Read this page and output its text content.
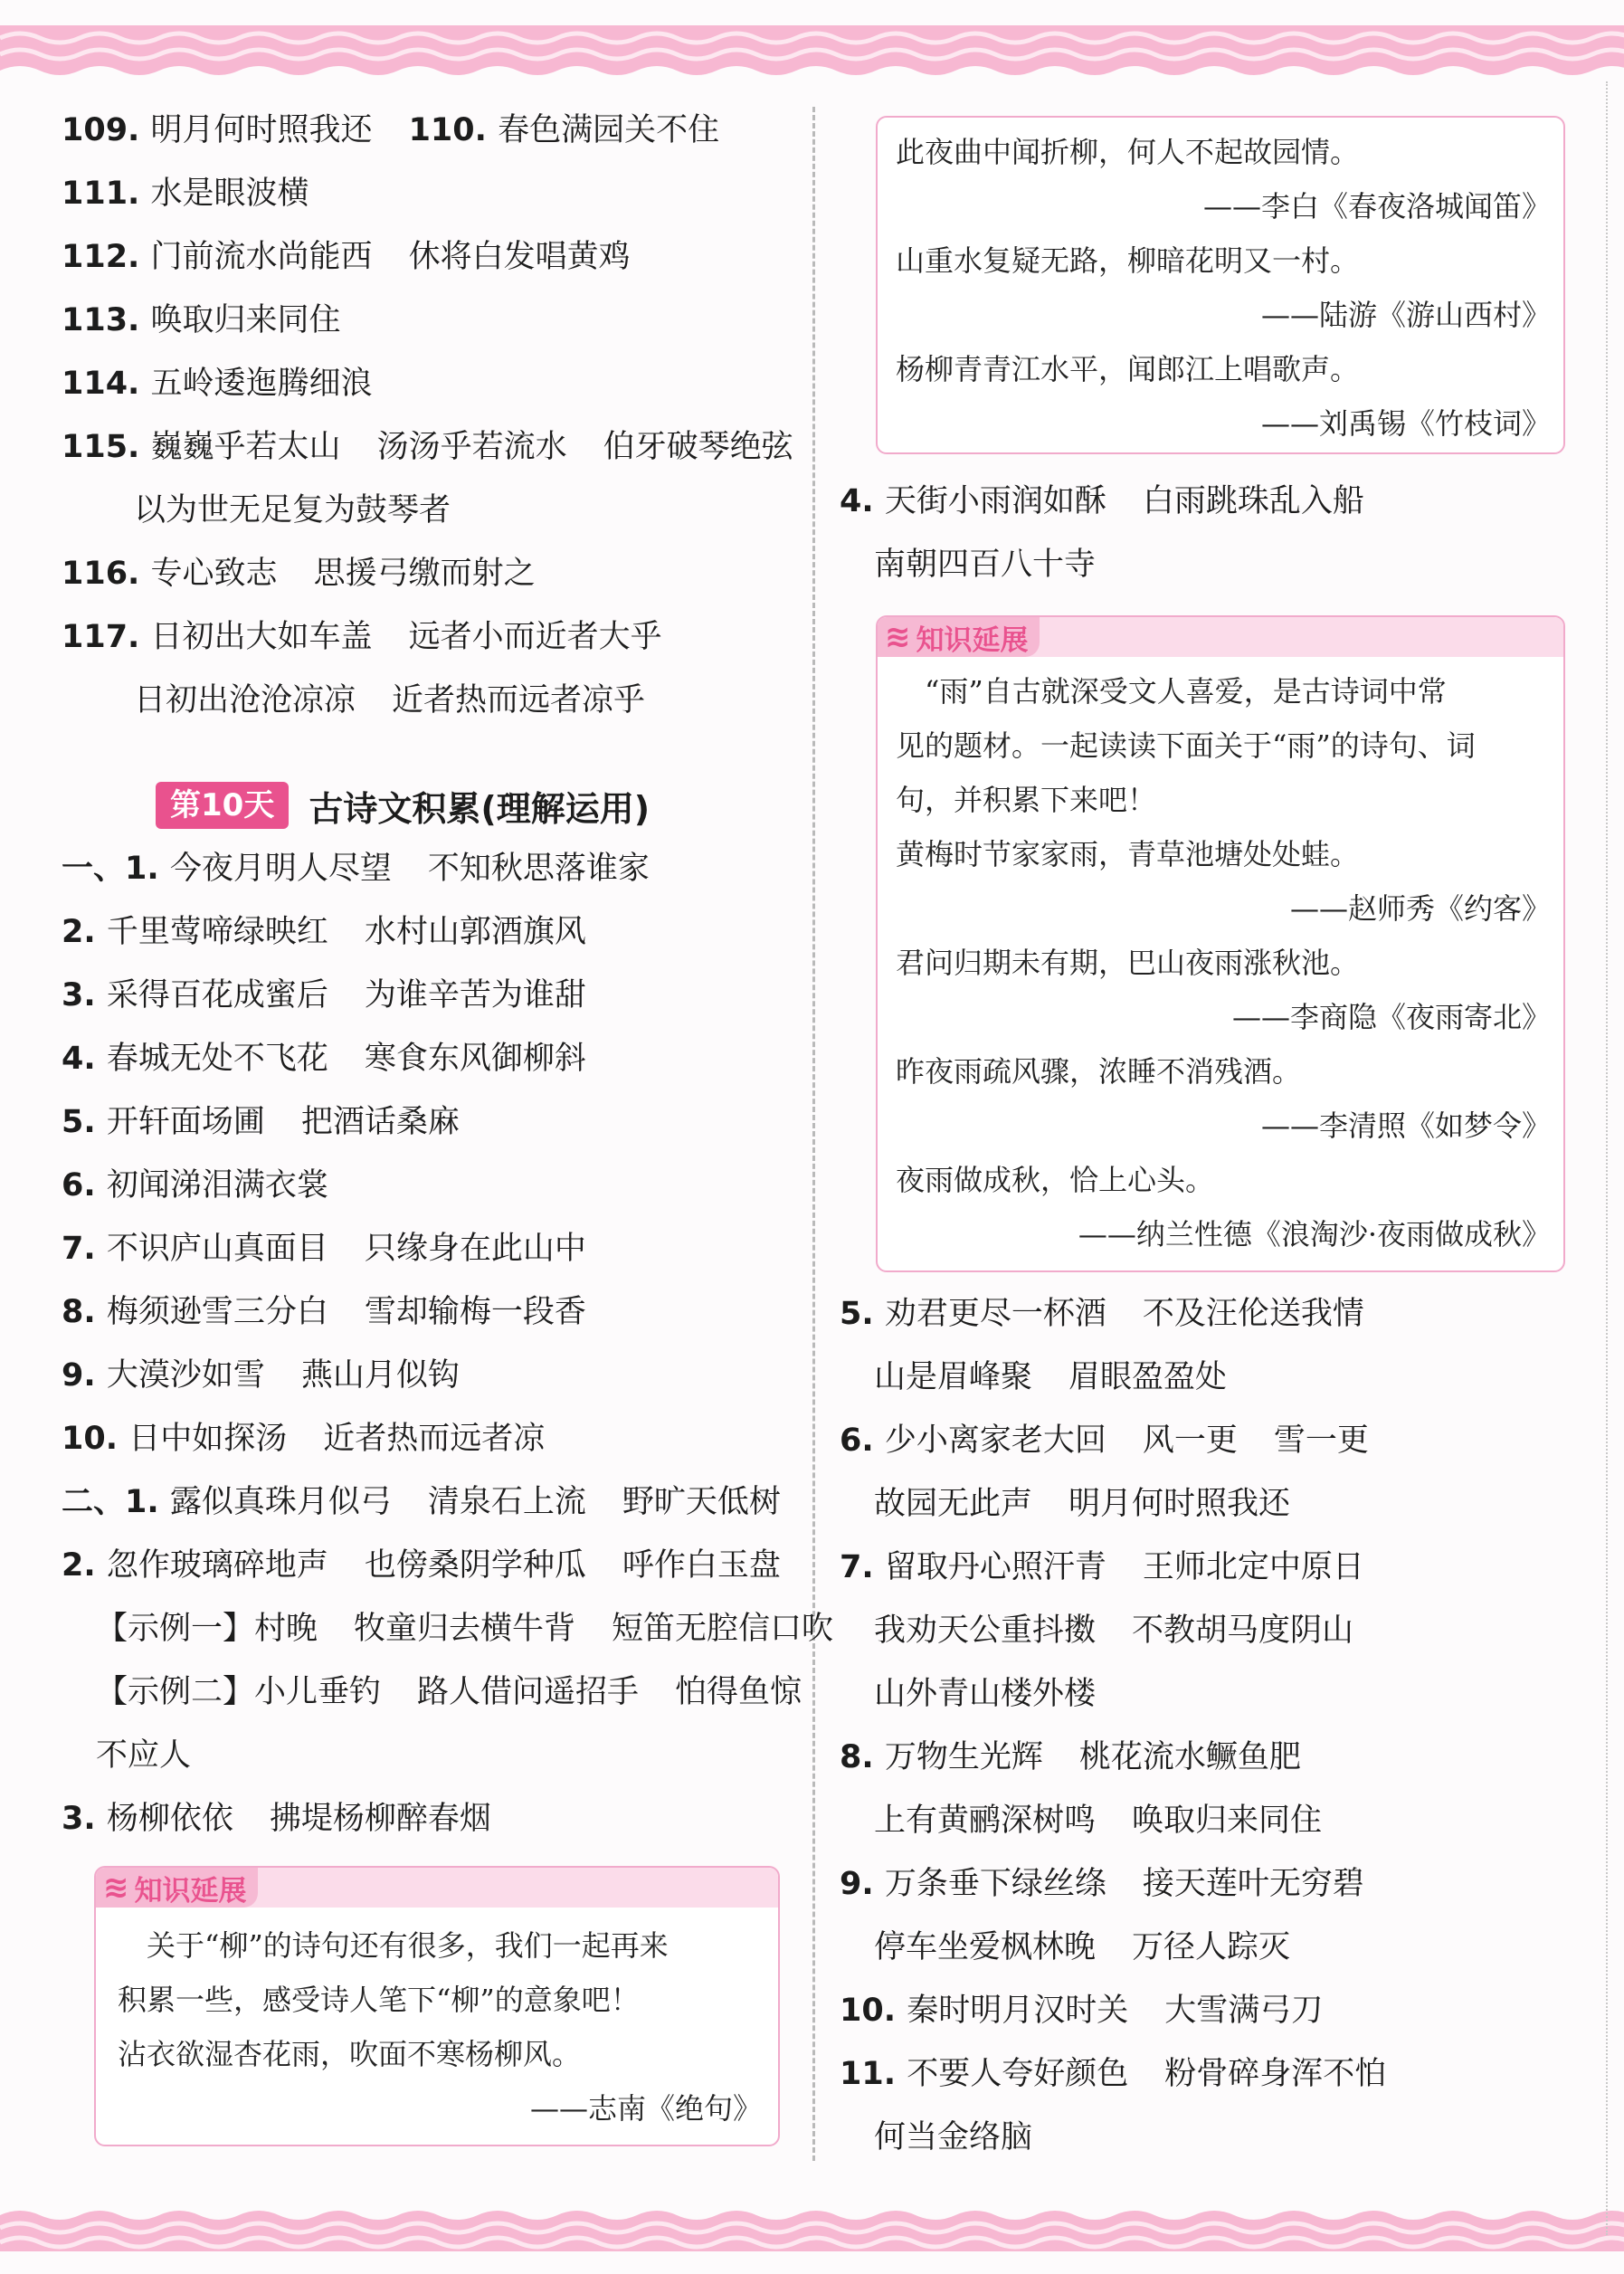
109. 明月何时照我还 110. 春色满园关不住
111. 水是眼波横
112. 门前流水尚能西 休将白发唱黄鸡
113. 唤取归来同住
114. 五岭逶迤腾细浪
115. 巍巍乎若太山 汤汤乎若流水 伯牙破琴绝弦
以为世无足复为鼓琴者
116. 专心致志 思援弓缴而射之
117. 日初出大如车盖 远者小而近者大乎
日初出沧沧凉凉 近者热而远者凉乎
一、1. 今夜月明人尽望 不知秋思落谁家
2. 千里莺啼绿映红 水村山郭酒旗风
3. 采得百花成蜜后 为谁辛苦为谁甜
4. 春城无处不飞花 寒食东风御柳斜
5. 开轩面场圃 把酒话桑麻
6. 初闻涕泪满衣裳
7. 不识庐山真面目 只缘身在此山中
8. 梅须逊雪三分白 雪却输梅一段香
9. 大漠沙如雪 燕山月似钩
10. 日中如探汤 近者热而远者凉
二、1. 露似真珠月似弓 清泉石上流 野旷天低树
2. 忽作玻璃碎地声 也傍桑阴学种瓜 呼作白玉盘
【示例一】村晚 牧童归去横牛背 短笛无腔信口吹
【示例二】小儿垂钓 路人借问遥招手 怕得鱼惊
不应人
3. 杨柳依依 拂堤杨柳醉春烟
第10天	古诗文积累(理解运用)
≋ 知识延展
　关于“柳”的诗句还有很多，我们一起再来
积累一些，感受诗人笔下“柳”的意象吧！
沾衣欲湿杏花雨，吹面不寒杨柳风。
——志南《绝句》
此夜曲中闻折柳，何人不起故园情。
——李白《春夜洛城闻笛》
山重水复疑无路，柳暗花明又一村。
——陆游《游山西村》
杨柳青青江水平，闻郎江上唱歌声。
——刘禹锡《竹枝词》
4. 天街小雨润如酥 白雨跳珠乱入船
南朝四百八十寺
≋ 知识延展
　“雨”自古就深受文人喜爱，是古诗词中常
见的题材。一起读读下面关于“雨”的诗句、词
句，并积累下来吧！
黄梅时节家家雨，青草池塘处处蛙。
——赵师秀《约客》
君问归期未有期，巴山夜雨涨秋池。
——李商隐《夜雨寄北》
昨夜雨疏风骤，浓睡不消残酒。
——李清照《如梦令》
夜雨做成秋，恰上心头。
——纳兰性德《浪淘沙·夜雨做成秋》
5. 劝君更尽一杯酒 不及汪伦送我情
山是眉峰聚 眉眼盈盈处
6. 少小离家老大回 风一更 雪一更
故园无此声 明月何时照我还
7. 留取丹心照汗青 王师北定中原日
我劝天公重抖擞 不教胡马度阴山
山外青山楼外楼
8. 万物生光辉 桃花流水鳜鱼肥
上有黄鹂深树鸣 唤取归来同住
9. 万条垂下绿丝绦 接天莲叶无穷碧
停车坐爱枫林晚 万径人踪灭
10. 秦时明月汉时关 大雪满弓刀
11. 不要人夸好颜色 粉骨碎身浑不怕
何当金络脑
